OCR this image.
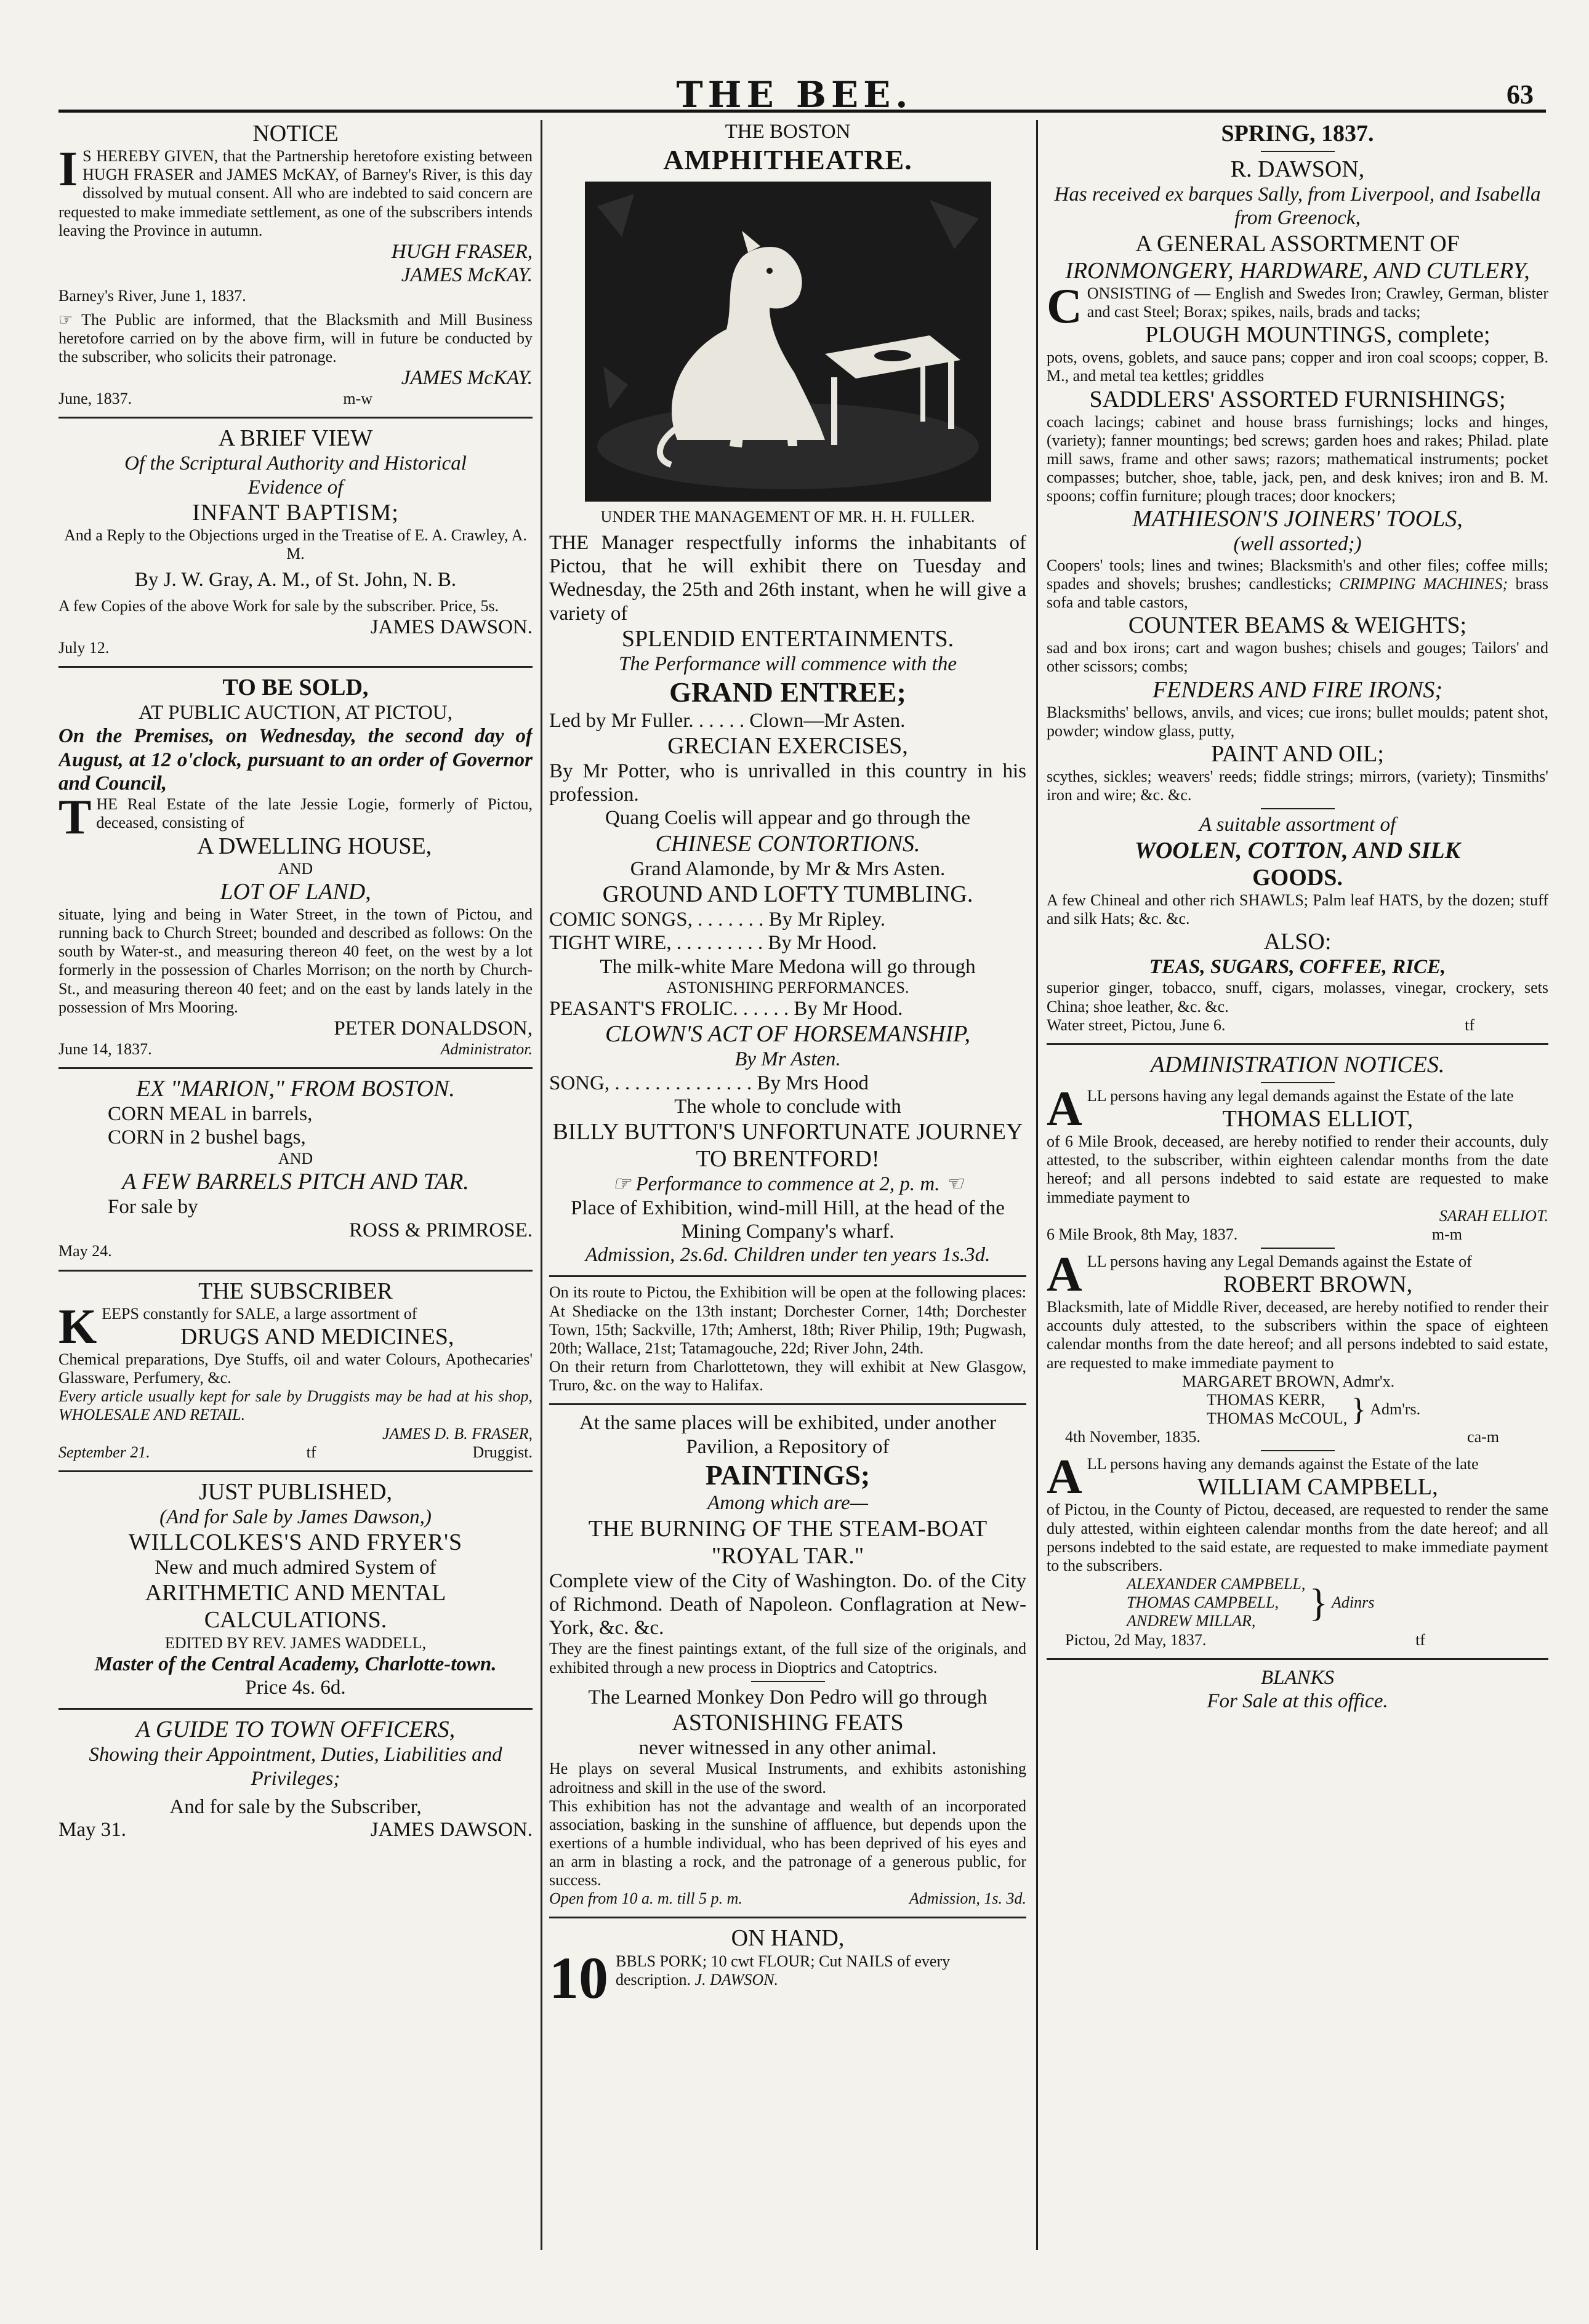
THE BEE.	63

NOTICE

I S HEREBY GIVEN, that the Partnership heretofore existing between HUGH FRASER and JAMES McKAY, of Barney's River, is this day dissolved by mutual consent. All who are indebted to said concern are requested to make immediate settlement, as one of the subscribers intends leaving the Province in autumn.

HUGH FRASER,

JAMES McKAY.

Barney's River, June 1, 1837.

☞ The Public are informed, that the Blacksmith and Mill Business heretofore carried on by the above firm, will in future be conducted by the subscriber, who solicits their patronage.

JAMES McKAY.

June, 1837.	m-w

A BRIEF VIEW

Of the Scriptural Authority and Historical

Evidence of

INFANT BAPTISM;

And a Reply to the Objections urged in the Treatise of E. A. Crawley, A. M.

By J. W. Gray, A. M., of St. John, N. B.

A few Copies of the above Work for sale by the subscriber. Price, 5s.

JAMES DAWSON.

July 12.

TO BE SOLD,

AT PUBLIC AUCTION, AT PICTOU,

On the Premises, on Wednesday, the second day of August, at 12 o'clock, pursuant to an order of Governor and Council,

THE Real Estate of the late Jessie Logie, formerly of Pictou, deceased, consisting of

A DWELLING HOUSE,

AND

LOT OF LAND,

situate, lying and being in Water Street, in the town of Pictou, and running back to Church Street; bounded and described as follows: On the south by Water-st., and measuring thereon 40 feet, on the west by a lot formerly in the possession of Charles Morrison; on the north by Church-St., and measuring thereon 40 feet; and on the east by lands lately in the possession of Mrs Mooring.

PETER DONALDSON,

June 14, 1837.	Administrator.

EX "MARION," FROM BOSTON.

CORN MEAL in barrels,

CORN in 2 bushel bags,

AND

A FEW BARRELS PITCH AND TAR.

For sale by

ROSS & PRIMROSE.

May 24.

THE SUBSCRIBER

KEEPS constantly for SALE, a large assortment of

DRUGS AND MEDICINES,

Chemical preparations, Dye Stuffs, oil and water Colours, Apothecaries' Glassware, Perfumery, &c.

Every article usually kept for sale by Druggists may be had at his shop, WHOLESALE AND RETAIL.

JAMES D. B. FRASER,

September 21.	tf	Druggist.

JUST PUBLISHED,

(And for Sale by James Dawson,)

WILLCOLKES'S AND FRYER'S

New and much admired System of

ARITHMETIC AND MENTAL CALCULATIONS.

EDITED BY REV. JAMES WADDELL,

Master of the Central Academy, Charlotte-town.

Price 4s. 6d.

A GUIDE TO TOWN OFFICERS,

Showing their Appointment, Duties, Liabilities and Privileges;

And for sale by the Subscriber,

May 31.	JAMES DAWSON.

THE BOSTON

AMPHITHEATRE.

UNDER THE MANAGEMENT OF MR. H. H. FULLER.

THE Manager respectfully informs the inhabitants of Pictou, that he will exhibit there on Tuesday and Wednesday, the 25th and 26th instant, when he will give a variety of

SPLENDID ENTERTAINMENTS.

The Performance will commence with the

GRAND ENTREE;

Led by Mr Fuller. . . . . . Clown—Mr Asten.

GRECIAN EXERCISES,

By Mr Potter, who is unrivalled in this country in his profession.

Quang Coelis will appear and go through the

CHINESE CONTORTIONS.

Grand Alamonde, by Mr & Mrs Asten.

GROUND AND LOFTY TUMBLING.

COMIC SONGS, . . . . . . . By Mr Ripley.

TIGHT WIRE, . . . . . . . . . By Mr Hood.

The milk-white Mare Medona will go through

ASTONISHING PERFORMANCES.

PEASANT'S FROLIC. . . . . . By Mr Hood.

CLOWN'S ACT OF HORSEMANSHIP,

By Mr Asten.

SONG, . . . . . . . . . . . . . . By Mrs Hood

The whole to conclude with

BILLY BUTTON'S UNFORTUNATE JOURNEY TO BRENTFORD!

☞ Performance to commence at 2, p. m. ☜

Place of Exhibition, wind-mill Hill, at the head of the Mining Company's wharf.

Admission, 2s.6d. Children under ten years 1s.3d.

On its route to Pictou, the Exhibition will be open at the following places: At Shediacke on the 13th instant; Dorchester Corner, 14th; Dorchester Town, 15th; Sackville, 17th; Amherst, 18th; River Philip, 19th; Pugwash, 20th; Wallace, 21st; Tatamagouche, 22d; River John, 24th.

On their return from Charlottetown, they will exhibit at New Glasgow, Truro, &c. on the way to Halifax.

At the same places will be exhibited, under another Pavilion, a Repository of

PAINTINGS;

Among which are—

THE BURNING OF THE STEAM-BOAT

"ROYAL TAR."

Complete view of the City of Washington. Do. of the City of Richmond. Death of Napoleon. Conflagration at New-York, &c. &c.

They are the finest paintings extant, of the full size of the originals, and exhibited through a new process in Dioptrics and Catoptrics.

The Learned Monkey Don Pedro will go through

ASTONISHING FEATS

never witnessed in any other animal.

He plays on several Musical Instruments, and exhibits astonishing adroitness and skill in the use of the sword.

This exhibition has not the advantage and wealth of an incorporated association, basking in the sunshine of affluence, but depends upon the exertions of a humble individual, who has been deprived of his eyes and an arm in blasting a rock, and the patronage of a generous public, for success.

Open from 10 a. m. till 5 p. m.	Admission, 1s. 3d.

ON HAND,

10 BBLS PORK; 10 cwt FLOUR; Cut NAILS of every description. J. DAWSON.

SPRING, 1837.

R. DAWSON,

Has received ex barques Sally, from Liverpool, and Isabella from Greenock,

A GENERAL ASSORTMENT OF

IRONMONGERY, HARDWARE, AND CUTLERY,

CONSISTING of — English and Swedes Iron; Crawley, German, blister and cast Steel; Borax; spikes, nails, brads and tacks;

PLOUGH MOUNTINGS, complete;

pots, ovens, goblets, and sauce pans; copper and iron coal scoops; copper, B. M., and metal tea kettles; griddles

SADDLERS' ASSORTED FURNISHINGS;

coach lacings; cabinet and house brass furnishings; locks and hinges, (variety); fanner mountings; bed screws; garden hoes and rakes; Philad. plate mill saws, frame and other saws; razors; mathematical instruments; pocket compasses; butcher, shoe, table, jack, pen, and desk knives; iron and B. M. spoons; coffin furniture; plough traces; door knockers;

MATHIESON'S JOINERS' TOOLS,

(well assorted;)

Coopers' tools; lines and twines; Blacksmith's and other files; coffee mills; spades and shovels; brushes; candlesticks; CRIMPING MACHINES; brass sofa and table castors,

COUNTER BEAMS & WEIGHTS;

sad and box irons; cart and wagon bushes; chisels and gouges; Tailors' and other scissors; combs;

FENDERS AND FIRE IRONS;

Blacksmiths' bellows, anvils, and vices; cue irons; bullet moulds; patent shot, powder; window glass, putty,

PAINT AND OIL;

scythes, sickles; weavers' reeds; fiddle strings; mirrors, (variety); Tinsmiths' iron and wire; &c. &c.

A suitable assortment of

WOOLEN, COTTON, AND SILK

GOODS.

A few Chineal and other rich SHAWLS; Palm leaf HATS, by the dozen; stuff and silk Hats; &c. &c.

ALSO:

TEAS, SUGARS, COFFEE, RICE,

superior ginger, tobacco, snuff, cigars, molasses, vinegar, crockery, sets China; shoe leather, &c. &c.

Water street, Pictou, June 6.	tf

ADMINISTRATION NOTICES.

ALL persons having any legal demands against the Estate of the late

THOMAS ELLIOT,

of 6 Mile Brook, deceased, are hereby notified to render their accounts, duly attested, to the subscriber, within eighteen calendar months from the date hereof; and all persons indebted to said estate are requested to make immediate payment to

SARAH ELLIOT.

6 Mile Brook, 8th May, 1837.	m-m

ALL persons having any Legal Demands against the Estate of

ROBERT BROWN,

Blacksmith, late of Middle River, deceased, are hereby notified to render their accounts duly attested, to the subscribers within the space of eighteen calendar months from the date hereof; and all persons indebted to said estate, are requested to make immediate payment to

MARGARET BROWN, Admr'x.

THOMAS KERR,

THOMAS McCOUL, } Adm'rs.
4th November, 1835.	ca-m

ALL persons having any demands against the Estate of the late

WILLIAM CAMPBELL,

of Pictou, in the County of Pictou, deceased, are requested to render the same duly attested, within eighteen calendar months from the date hereof; and all persons indebted to the said estate, are requested to make immediate payment to the subscribers.

ALEXANDER CAMPBELL,

THOMAS CAMPBELL,

ANDREW MILLAR,	} Adinrs
Pictou, 2d May, 1837.	tf

BLANKS

For Sale at this office.
